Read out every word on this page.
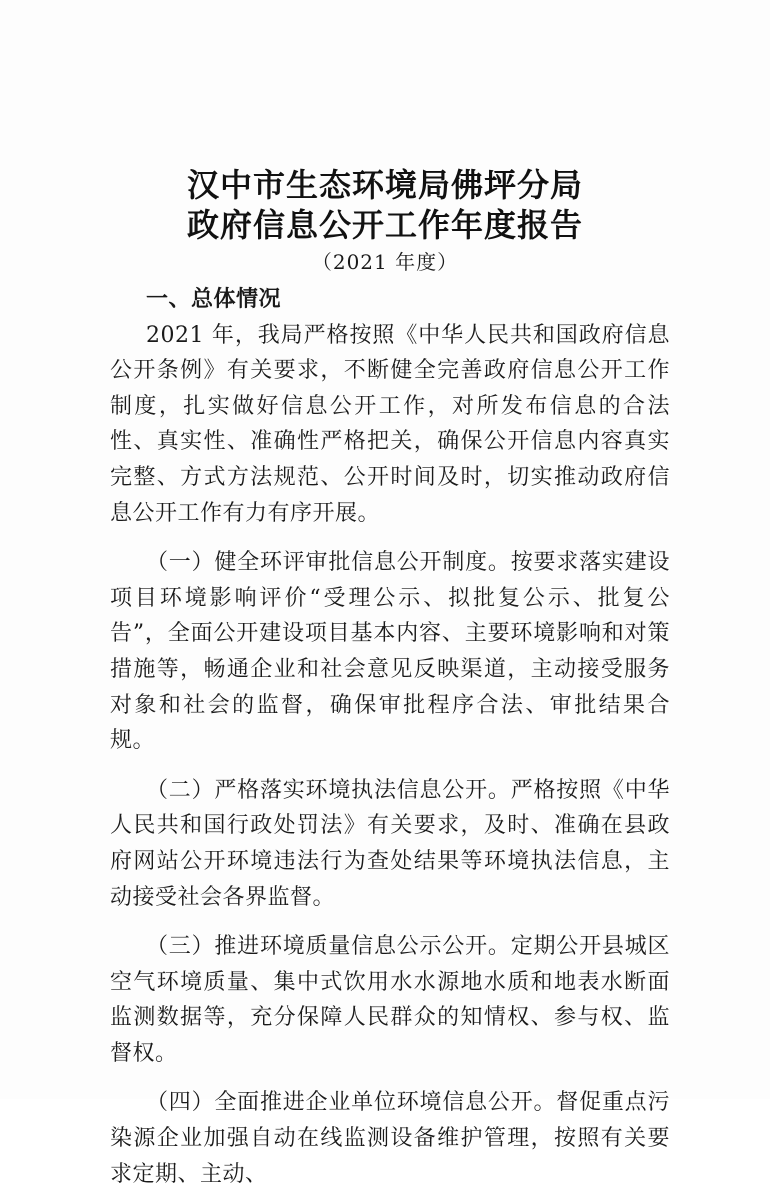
汉中市生态环境局佛坪分局
政府信息公开工作年度报告
（2021 年度）

一、总体情况

2021 年，我局严格按照《中华人民共和国政府信息公开条例》有关要求，不断健全完善政府信息公开工作制度，扎实做好信息公开工作，对所发布信息的合法性、真实性、准确性严格把关，确保公开信息内容真实完整、方式方法规范、公开时间及时，切实推动政府信息公开工作有力有序开展。

（一）健全环评审批信息公开制度。按要求落实建设项目环境影响评价“受理公示、拟批复公示、批复公告”，全面公开建设项目基本内容、主要环境影响和对策措施等，畅通企业和社会意见反映渠道，主动接受服务对象和社会的监督，确保审批程序合法、审批结果合规。

（二）严格落实环境执法信息公开。严格按照《中华人民共和国行政处罚法》有关要求，及时、准确在县政府网站公开环境违法行为查处结果等环境执法信息，主动接受社会各界监督。

（三）推进环境质量信息公示公开。定期公开县城区空气环境质量、集中式饮用水水源地水质和地表水断面监测数据等，充分保障人民群众的知情权、参与权、监督权。

（四）全面推进企业单位环境信息公开。督促重点污染源企业加强自动在线监测设备维护管理，按照有关要求定期、主动、
